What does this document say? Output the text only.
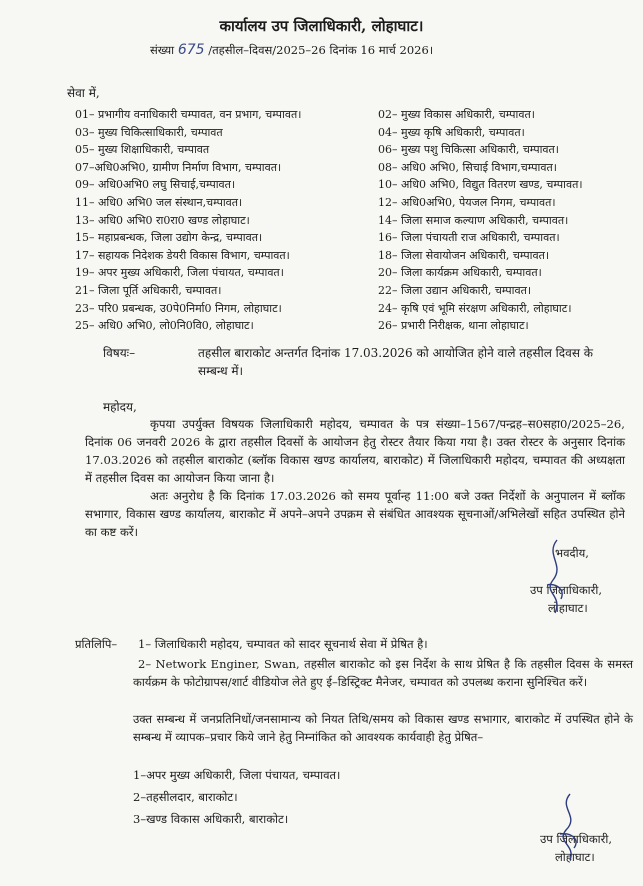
कार्यालय उप जिलाधिकारी, लोहाघाट।
संख्या 675 /तहसील–दिवस/2025–26 दिनांक 16 मार्च 2026।
सेवा में,
01– प्रभागीय वनाधिकारी चम्पावत, वन प्रभाग, चम्पावत।	02– मुख्य विकास अधिकारी, चम्पावत।
03– मुख्य चिकित्साधिकारी, चम्पावत	04– मुख्य कृषि अधिकारी, चम्पावत।
05– मुख्य शिक्षाधिकारी, चम्पावत	06– मुख्य पशु चिकित्सा अधिकारी, चम्पावत।
07–अधि0अभि0, ग्रामीण निर्माण विभाग, चम्पावत।	08– अधि0 अभि0, सिचाई विभाग,चम्पावत।
09– अधि0अभि0 लघु सिचाई,चम्पावत।	10– अधि0 अभि0, विद्युत वितरण खण्ड, चम्पावत।
11– अधि0 अभि0 जल संस्थान,चम्पावत।	12– अधि0अभि0, पेयजल निगम, चम्पावत।
13– अधि0 अभि0 रा0रा0 खण्ड लोहाघाट।	14– जिला समाज कल्याण अधिकारी, चम्पावत।
15– महाप्रबन्धक, जिला उद्योग केन्द्र, चम्पावत।	16– जिला पंचायती राज अधिकारी, चम्पावत।
17– सहायक निदेशक डेयरी विकास विभाग, चम्पावत।	18– जिला सेवायोजन अधिकारी, चम्पावत।
19– अपर मुख्य अधिकारी, जिला पंचायत, चम्पावत।	20– जिला कार्यक्रम अधिकारी, चम्पावत।
21– जिला पूर्ति अधिकारी, चम्पावत।	22– जिला उद्यान अधिकारी, चम्पावत।
23– परि0 प्रबन्धक, उ0पे0निर्मा0 निगम, लोहाघाट।	24– कृषि एवं भूमि संरक्षण अधिकारी, लोहाघाट।
25– अधि0 अभि0, लो0नि0वि0, लोहाघाट।	26– प्रभारी निरीक्षक, थाना लोहाघाट।
विषयः–	तहसील बाराकोट अन्तर्गत दिनांक 17.03.2026 को आयोजित होने वाले तहसील दिवस के सम्बन्ध में।
महोदय,
कृपया उपर्युक्त विषयक जिलाधिकारी महोदय, चम्पावत के पत्र संख्या–1567/पन्द्रह–स0सहा0/2025–26, दिनांक 06 जनवरी 2026 के द्वारा तहसील दिवसों के आयोजन हेतु रोस्टर तैयार किया गया है। उक्त रोस्टर के अनुसार दिनांक 17.03.2026 को तहसील बाराकोट (ब्लॉक विकास खण्ड कार्यालय, बाराकोट) में जिलाधिकारी महोदय, चम्पावत की अध्यक्षता में तहसील दिवस का आयोजन किया जाना है।
अतः अनुरोध है कि दिनांक 17.03.2026 को समय पूर्वान्ह 11:00 बजे उक्त निर्देशों के अनुपालन में ब्लॉक सभागार, विकास खण्ड कार्यालय, बाराकोट में अपने–अपने उपक्रम से संबंधित आवश्यक सूचनाओं/अभिलेखों सहित उपस्थित होने का कष्ट करें।
भवदीय,
उप जिलाधिकारी,
लोहाघाट।
प्रतिलिपि– 1– जिलाधिकारी महोदय, चम्पावत को सादर सूचनार्थ सेवा में प्रेषित है।
2– Network Enginer, Swan, तहसील बाराकोट को इस निर्देश के साथ प्रेषित है कि तहसील दिवस के समस्त कार्यक्रम के फोटोग्रापस/शार्ट वीडियोज लेते हुए ई–डिस्ट्रिक्ट मैनेजर, चम्पावत को उपलब्ध कराना सुनिश्चित करें।
उक्त सम्बन्ध में जनप्रतिनिधों/जनसामान्य को नियत तिथि/समय को विकास खण्ड सभागार, बाराकोट में उपस्थित होने के सम्बन्ध में व्यापक–प्रचार किये जाने हेतु निम्नांकित को आवश्यक कार्यवाही हेतु प्रेषित–
1–अपर मुख्य अधिकारी, जिला पंचायत, चम्पावत।
2–तहसीलदार, बाराकोट।
3–खण्ड विकास अधिकारी, बाराकोट।
उप जिलाधिकारी,
लोहाघाट।
